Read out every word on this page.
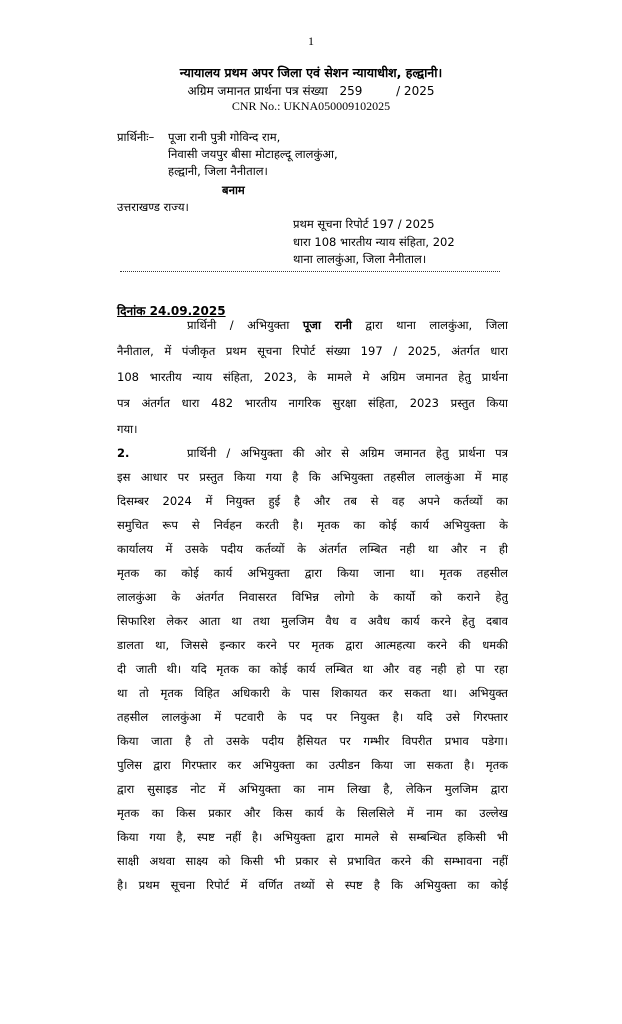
1
न्यायालय प्रथम अपर जिला एवं सेशन न्यायाधीश, हल्द्वानी।
अग्रिम जमानत प्रार्थना पत्र संख्या 259	/ 2025
CNR No.: UKNA050009102025
प्रार्थिनीः– पूजा रानी पुत्री गोविन्द राम,
निवासी जयपुर बीसा मोटाहल्दू लालकुंआ,
हल्द्वानी, जिला नैनीताल।
बनाम
उत्तराखण्ड राज्य।
प्रथम सूचना रिपोर्ट 197 / 2025
धारा 108 भारतीय न्याय संहिता, 202
थाना लालकुंआ, जिला नैनीताल।
दिनांक 24.09.2025
प्रार्थिनी / अभियुक्ता पूजा रानी द्वारा थाना लालकुंआ, जिला
नैनीताल, में पंजीकृत प्रथम सूचना रिपोर्ट संख्या 197 / 2025, अंतर्गत धारा
108 भारतीय न्याय संहिता, 2023, के मामले मे अग्रिम जमानत हेतु प्रार्थना
पत्र अंतर्गत धारा 482 भारतीय नागरिक सुरक्षा संहिता, 2023 प्रस्तुत किया
गया।
2.	प्रार्थिनी / अभियुक्ता की ओर से अग्रिम जमानत हेतु प्रार्थना पत्र
इस आधार पर प्रस्तुत किया गया है कि अभियुक्ता तहसील लालकुंआ में माह
दिसम्बर 2024 में नियुक्त हुई है और तब से वह अपने कर्तव्यों का
समुचित रूप से निर्वहन करती है। मृतक का कोई कार्य अभियुक्ता के
कार्यालय में उसके पदीय कर्तव्यों के अंतर्गत लम्बित नही था और न ही
मृतक का कोई कार्य अभियुक्ता द्वारा किया जाना था। मृतक तहसील
लालकुंआ के अंतर्गत निवासरत विभिन्न लोगो के कार्यो को कराने हेतु
सिफारिश लेकर आता था तथा मुलजिम वैध व अवैध कार्य करने हेतु दबाव
डालता था, जिससे इन्कार करने पर मृतक द्वारा आत्महत्या करने की धमकी
दी जाती थी। यदि मृतक का कोई कार्य लम्बित था और वह नही हो पा रहा
था तो मृतक विहित अधिकारी के पास शिकायत कर सकता था। अभियुक्त
तहसील लालकुंआ में पटवारी के पद पर नियुक्त है। यदि उसे गिरफ्तार
किया जाता है तो उसके पदीय हैसियत पर गम्भीर विपरीत प्रभाव पडेगा।
पुलिस द्वारा गिरफ्तार कर अभियुक्ता का उत्पीडन किया जा सकता है। मृतक
द्वारा सुसाइड नोट में अभियुक्ता का नाम लिखा है, लेकिन मुलजिम द्वारा
मृतक का किस प्रकार और किस कार्य के सिलसिले में नाम का उल्लेख
किया गया है, स्पष्ट नहीं है। अभियुक्ता द्वारा मामले से सम्बन्धित हकिसी भी
साक्षी अथवा साक्ष्य को किसी भी प्रकार से प्रभावित करने की सम्भावना नहीं
है। प्रथम सूचना रिपोर्ट में वर्णित तथ्यों से स्पष्ट है कि अभियुक्ता का कोई
